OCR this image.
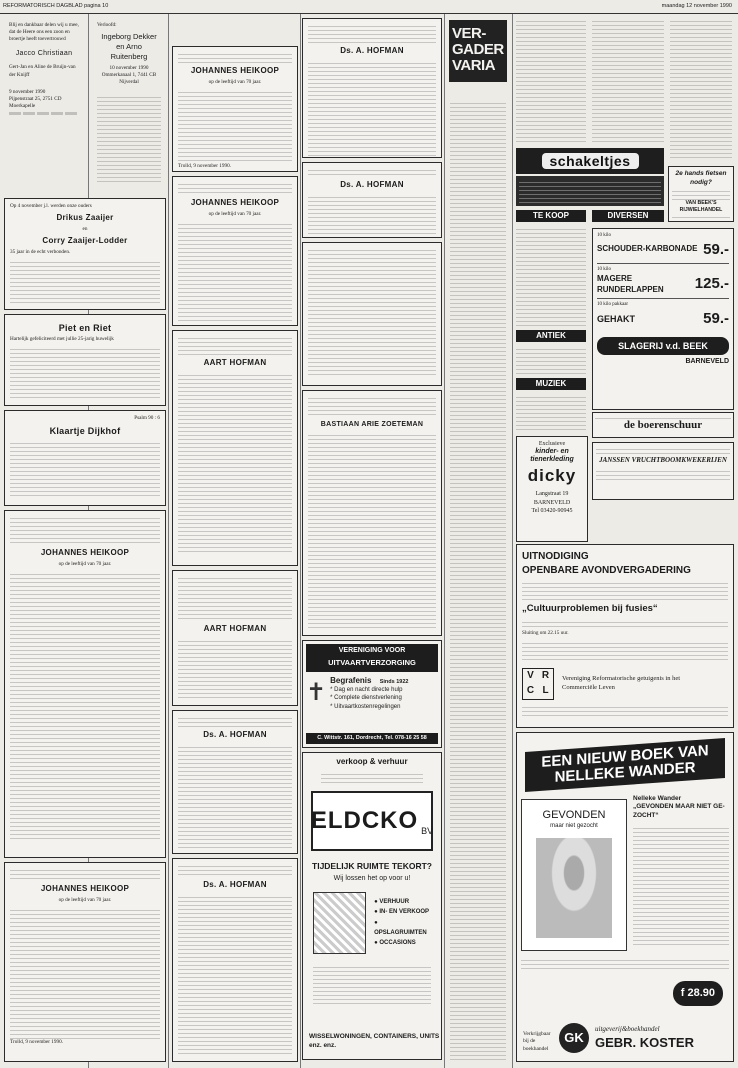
REFORMATORISCH DAGBLAD pagina 10	maandag 12 november 1990
Blij en dankbaar delen wij u mee, dat de Heere ons een zoon en broertje heeft toevertrouwd
Jacco Christiaan
Gert-Jan en Aline de Bruijn-van der Knijff
9 november 1990
Pijpenstraat 25, 2751 CD Moerkapelle
Verloofd:
Ingeborg Dekker en Arno Ruitenberg
10 november 1990
Ommerkanaal 1, 7441 CB Nijverdal
Op 4 november j.l. werden onze ouders
Drikus Zaaijer
en
Corry Zaaijer-Lodder
35 jaar in de echt verbonden.
Piet en Riet
Hartelijk gefeliciteerd met jullie 25-jarig huwelijk
Psalm 90 : 6
Klaartje Dijkhof
JOHANNES HEIKOOP
op de leeftijd van 70 jaar.
JOHANNES HEIKOOP
op de leeftijd van 70 jaar.
Trolld, 9 november 1990.
JOHANNES HEIKOOP
op de leeftijd van 70 jaar.
Trolld, 9 november 1990.
JOHANNES HEIKOOP
op de leeftijd van 70 jaar.
AART HOFMAN
AART HOFMAN
Ds. A. HOFMAN
Ds. A. HOFMAN
Ds. A. HOFMAN
Ds. A. HOFMAN
BASTIAAN ARIE ZOETEMAN
VERENIGING VOOR
UITVAARTVERZORGING
✝ Begrafenis Sinds 1922
* Dag en nacht directe hulp
* Complete dienstverlening
* Uitvaartkostenregelingen
C. Wittstr. 161, Dordrecht, Tel. 078-16 25 58
verkoop & verhuur
ELDCKO BV
TIJDELIJK RUIMTE TEKORT?
Wij lossen het op voor u!
● VERHUUR
● IN- EN VERKOOP
● OPSLAGRUIMTEN
● OCCASIONS
WISSELWONINGEN, CONTAINERS, UNITS enz. enz.
VER-GADER VARIA
2e hands fietsen nodig?
VAN BEEK'S RIJWIELHANDEL
schakeltjes
TE KOOP	DIVERSEN
ANTIEK
MUZIEK
10 kilo
SCHOUDER-KARBONADE 59.-
10 kilo
MAGERE RUNDERLAPPEN 125.-
10 kilo pakkaar
GEHAKT	59.-
SLAGERIJ v.d. BEEK
BARNEVELD
de boerenschuur
Exclusieve
kinder- en tienerkleding
dicky
Langstraat 19
BARNEVELD
Tel 03420-90945
JANSSEN VRUCHTBOOMKWEKERIJEN
UITNODIGING
OPENBARE AVONDVERGADERING
„Cultuurproblemen bij fusies“
Sluiting om 22.15 uur.
V R
C L
Vereniging Reformatorische getuigenis in het Commerciële Leven
EEN NIEUW BOEK VAN NELLEKE WANDER
GEVONDEN
maar niet gezocht
Nelleke Wander
„GEVONDEN MAAR NIET GE-ZOCHT“
f 28.90
Verkrijgbaar bij de boekhandel
GK
uitgeverij&boekhandel
GEBR. KOSTER
